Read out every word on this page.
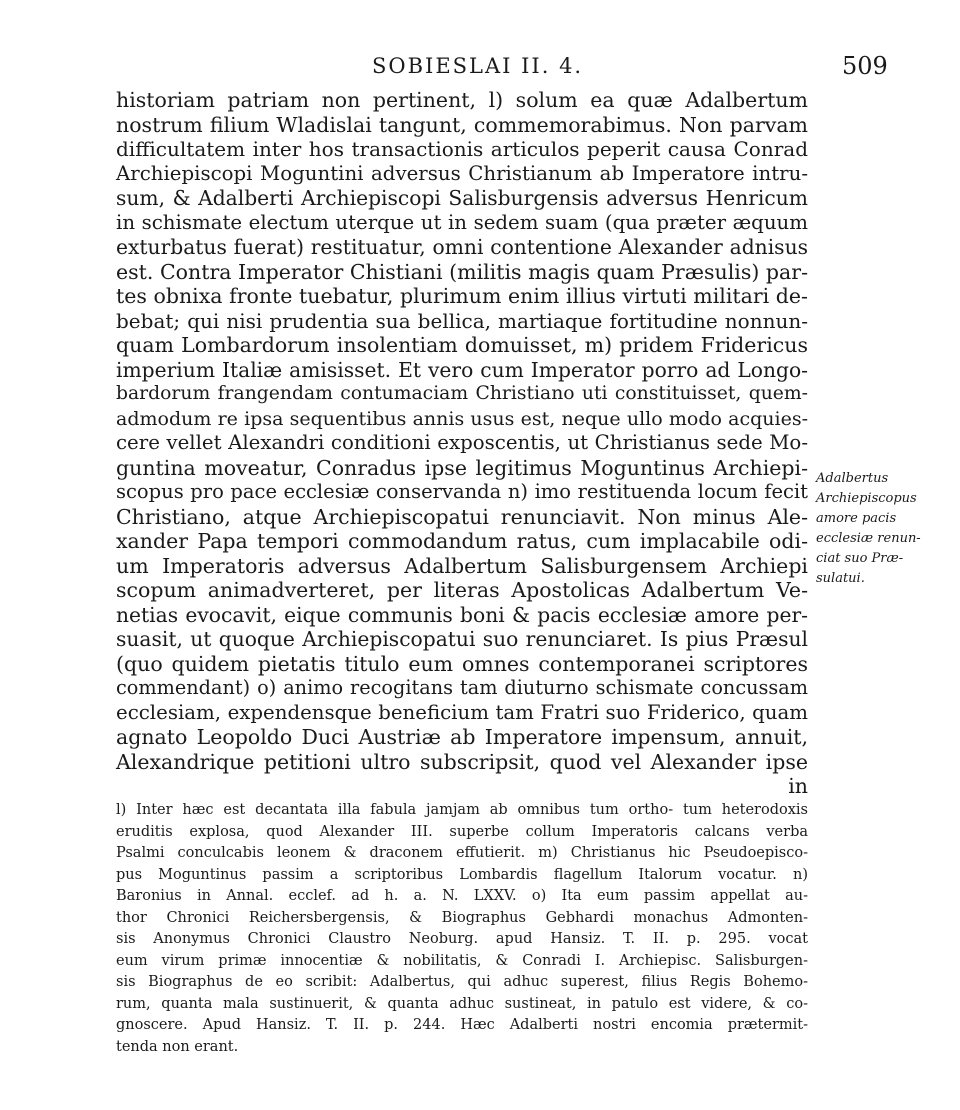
SOBIESLAI II. 4.	509
historiam patriam non pertinent, l) solum ea quæ Adalbertum
nostrum filium Wladislai tangunt, commemorabimus. Non parvam
difficultatem inter hos transactionis articulos peperit causa Conrad
Archiepiscopi Moguntini adversus Christianum ab Imperatore intru-
sum, & Adalberti Archiepiscopi Salisburgensis adversus Henricum
in schismate electum uterque ut in sedem suam (qua præter æquum
exturbatus fuerat) restituatur, omni contentione Alexander adnisus
est. Contra Imperator Chistiani (militis magis quam Præsulis) par-
tes obnixa fronte tuebatur, plurimum enim illius virtuti militari de-
bebat; qui nisi prudentia sua bellica, martiaque fortitudine nonnun-
quam Lombardorum insolentiam domuisset, m) pridem Fridericus
imperium Italiæ amisisset. Et vero cum Imperator porro ad Longo-
bardorum frangendam contumaciam Christiano uti constituisset, quem-
admodum re ipsa sequentibus annis usus est, neque ullo modo acquies-
cere vellet Alexandri conditioni exposcentis, ut Christianus sede Mo-
guntina moveatur, Conradus ipse legitimus Moguntinus Archiepi-
scopus pro pace ecclesiæ conservanda n) imo restituenda locum fecit
Christiano, atque Archiepiscopatui renunciavit. Non minus Ale-
xander Papa tempori commodandum ratus, cum implacabile odi-
um Imperatoris adversus Adalbertum Salisburgensem Archiepi
scopum animadverteret, per literas Apostolicas Adalbertum Ve-
netias evocavit, eique communis boni & pacis ecclesiæ amore per-
suasit, ut quoque Archiepiscopatui suo renunciaret. Is pius Præsul
(quo quidem pietatis titulo eum omnes contemporanei scriptores
commendant) o) animo recogitans tam diuturno schismate concussam
ecclesiam, expendensque beneficium tam Fratri suo Friderico, quam
agnato Leopoldo Duci Austriæ ab Imperatore impensum, annuit,
Alexandrique petitioni ultro subscripsit, quod vel Alexander ipse
in
Adalbertus
Archiepiscopus
amore pacis
ecclesiæ renun-
ciat suo Præ-
sulatui.
l) Inter hæc est decantata illa fabula jamjam ab omnibus tum ortho- tum heterodoxis
eruditis explosa, quod Alexander III. superbe collum Imperatoris calcans verba
Psalmi conculcabis leonem & draconem effutierit. m) Christianus hic Pseudoepisco-
pus Moguntinus passim a scriptoribus Lombardis flagellum Italorum vocatur. n)
Baronius in Annal. ecclef. ad h. a. N. LXXV. o) Ita eum passim appellat au-
thor Chronici Reichersbergensis, & Biographus Gebhardi monachus Admonten-
sis Anonymus Chronici Claustro Neoburg. apud Hansiz. T. II. p. 295. vocat
eum virum primæ innocentiæ & nobilitatis, & Conradi I. Archiepisc. Salisburgen-
sis Biographus de eo scribit: Adalbertus, qui adhuc superest, filius Regis Bohemo-
rum, quanta mala sustinuerit, & quanta adhuc sustineat, in patulo est videre, & co-
gnoscere. Apud Hansiz. T. II. p. 244. Hæc Adalberti nostri encomia prætermit-
tenda non erant.
